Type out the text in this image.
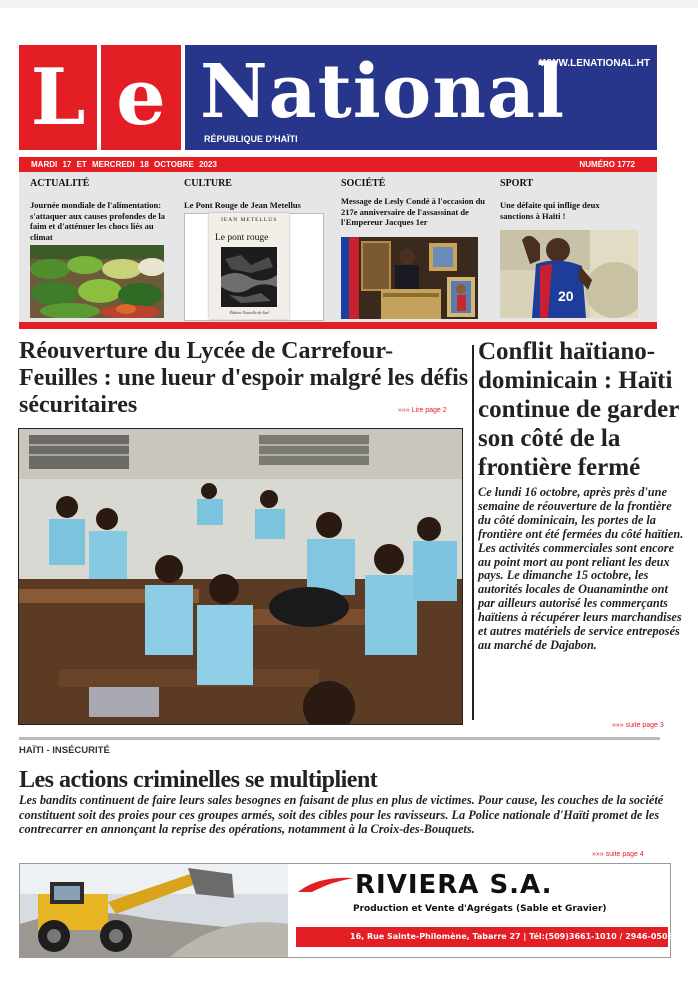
L e National
WWW.LENATIONAL.HT
RÉPUBLIQUE D'HAÏTI
MARDI 17 ET MERCREDI 18 OCTOBRE 2023	NUMÉRO 1772
ACTUALITÉ
Journée mondiale de l'alimentation: s'attaquer aux causes profondes de la faim et d'atténuer les chocs liés au climat
CULTURE
Le Pont Rouge de Jean Metellus
JEAN METELLUS
Le pont rouge
Édition Nouvelle du Sud
SOCIÉTÉ
Message de Lesly Condé à l'occasion du 217e anniversaire de l'assassinat de l'Empereur Jacques 1er
SPORT
Une défaite qui inflige deux sanctions à Haïti !
20
Réouverture du Lycée de Carrefour-Feuilles : une lueur d'espoir malgré les défis sécuritaires	»»» Lire page 2
Conflit haïtiano-dominicain : Haïti continue de garder son côté de la frontière fermé
Ce lundi 16 octobre, après près d'une semaine de réouverture de la frontière du côté dominicain, les portes de la frontière ont été fermées du côté haïtien. Les activités commerciales sont encore au point mort au pont reliant les deux pays. Le dimanche 15 octobre, les autorités locales de Ouanaminthe ont par ailleurs autorisé les commerçants haïtiens à récupérer leurs marchandises et autres matériels de service entreposés au marché de Dajabon.
»»» suite page 3
HAÏTI - INSÉCURITÉ
Les actions criminelles se multiplient
Les bandits continuent de faire leurs sales besognes en faisant de plus en plus de victimes. Pour cause, les couches de la société constituent soit des proies pour ces groupes armés, soit des cibles pour les ravisseurs. La Police nationale d'Haïti promet de les contrecarrer en annonçant la reprise des opérations, notamment à la Croix-des-Bouquets.
»»» suite page 4
RIVIERA S.A.
Production et Vente d'Agrégats (Sable et Gravier)
16, Rue Sainte-Philomène, Tabarre 27 | Tél:(509)3661-1010 / 2946-0505
